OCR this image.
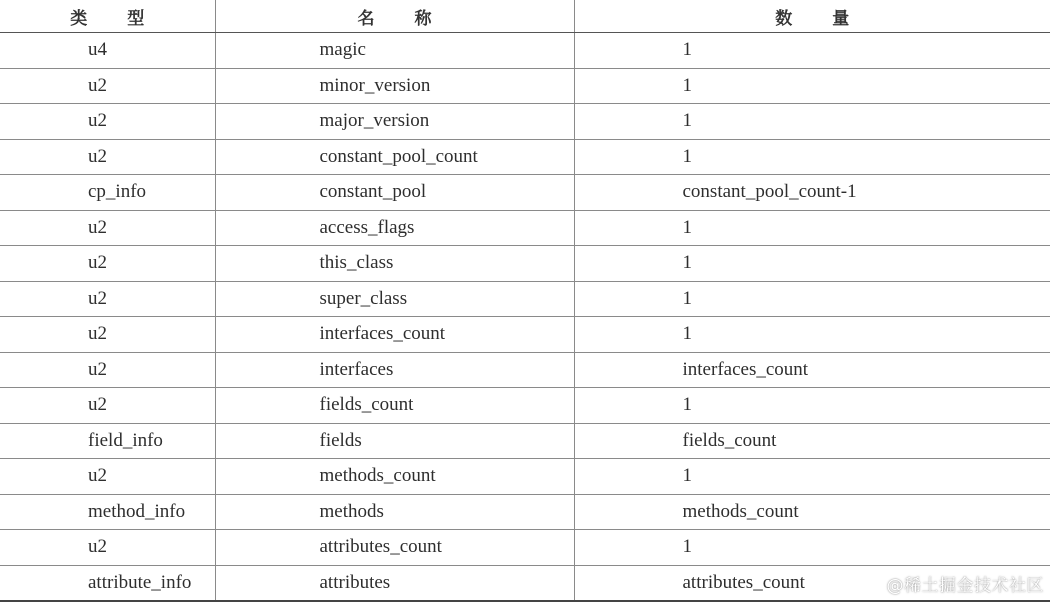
类 型	名 称	数 量
u4	magic	1
u2	minor_version	1
u2	major_version	1
u2	constant_pool_count	1
cp_info	constant_pool	constant_pool_count-1
u2	access_flags	1
u2	this_class	1
u2	super_class	1
u2	interfaces_count	1
u2	interfaces	interfaces_count
u2	fields_count	1
field_info	fields	fields_count
u2	methods_count	1
method_info	methods	methods_count
u2	attributes_count	1
attribute_info	attributes	attributes_count	@稀土掘金技术社区
